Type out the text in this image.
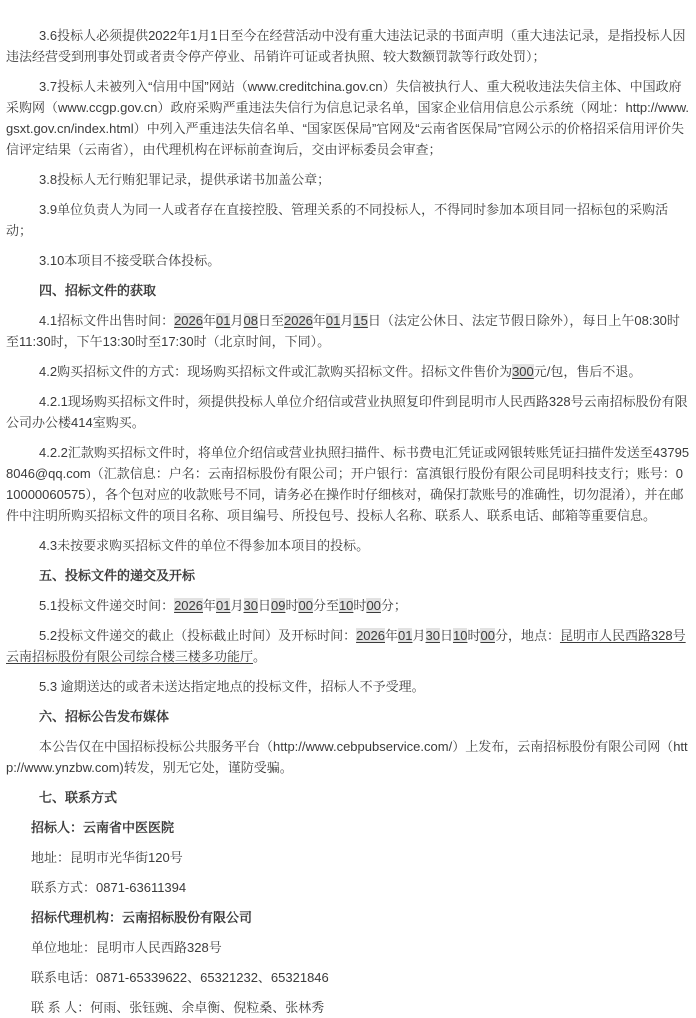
3.6投标人必须提供2022年1月1日至今在经营活动中没有重大违法记录的书面声明（重大违法记录，是指投标人因违法经营受到刑事处罚或者责令停产停业、吊销许可证或者执照、较大数额罚款等行政处罚）；

3.7投标人未被列入“信用中国”网站（www.creditchina.gov.cn）失信被执行人、重大税收违法失信主体、中国政府采购网（www.ccgp.gov.cn）政府采购严重违法失信行为信息记录名单，国家企业信用信息公示系统（网址：http://www.gsxt.gov.cn/index.html）中列入严重违法失信名单、“国家医保局”官网及“云南省医保局”官网公示的价格招采信用评价失信评定结果（云南省），由代理机构在评标前查询后，交由评标委员会审查；

3.8投标人无行贿犯罪记录，提供承诺书加盖公章；

3.9单位负责人为同一人或者存在直接控股、管理关系的不同投标人，不得同时参加本项目同一招标包的采购活动；

3.10本项目不接受联合体投标。

四、招标文件的获取

4.1招标文件出售时间：2026年01月08日至2026年01月15日（法定公休日、法定节假日除外），每日上午08:30时至11:30时，下午13:30时至17:30时（北京时间，下同）。

4.2购买招标文件的方式：现场购买招标文件或汇款购买招标文件。招标文件售价为300元/包，售后不退。

4.2.1现场购买招标文件时，须提供投标人单位介绍信或营业执照复印件到昆明市人民西路328号云南招标股份有限公司办公楼414室购买。

4.2.2汇款购买招标文件时，将单位介绍信或营业执照扫描件、标书费电汇凭证或网银转账凭证扫描件发送至437958046@qq.com（汇款信息：户名：云南招标股份有限公司；开户银行：富滇银行股份有限公司昆明科技支行；账号：010000060575），各个包对应的收款账号不同，请务必在操作时仔细核对，确保打款账号的准确性，切勿混淆），并在邮件中注明所购买招标文件的项目名称、项目编号、所投包号、投标人名称、联系人、联系电话、邮箱等重要信息。

4.3未按要求购买招标文件的单位不得参加本项目的投标。

五、投标文件的递交及开标

5.1投标文件递交时间：2026年01月30日09时00分至10时00分；

5.2投标文件递交的截止（投标截止时间）及开标时间：2026年01月30日10时00分，地点：昆明市人民西路328号云南招标股份有限公司综合楼三楼多功能厅。

5.3 逾期送达的或者未送达指定地点的投标文件，招标人不予受理。

六、招标公告发布媒体

本公告仅在中国招标投标公共服务平台（http://www.cebpubservice.com/）上发布，云南招标股份有限公司网（http://www.ynzbw.com)转发，别无它处，谨防受骗。

七、联系方式

招标人：云南省中医医院

地址：昆明市光华街120号

联系方式：0871-63611394

招标代理机构：云南招标股份有限公司

单位地址：昆明市人民西路328号

联系电话：0871-65339622、65321232、65321846

联 系 人：何雨、张钰豌、余卓衡、倪粒桑、张林秀
